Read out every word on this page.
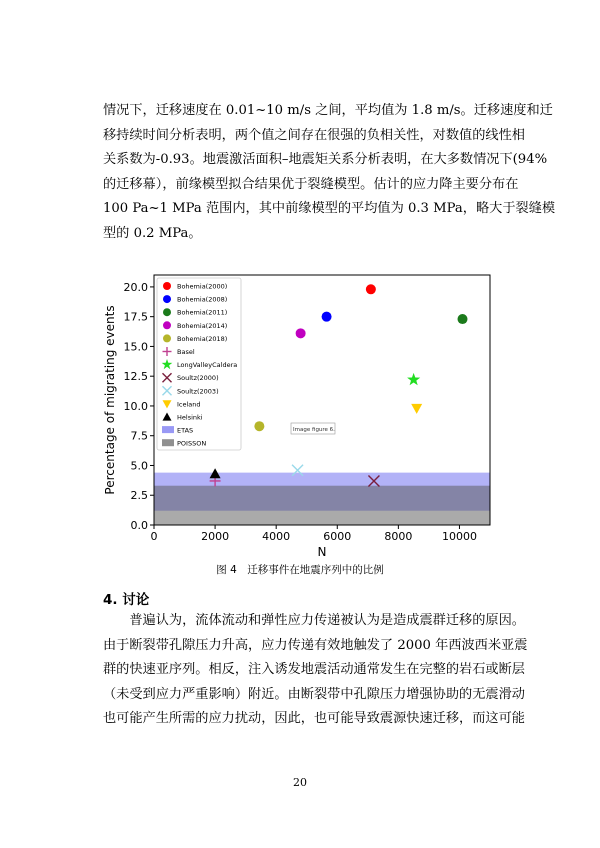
情况下，迁移速度在 0.01~10 m/s 之间，平均值为 1.8 m/s。迁移速度和迁
移持续时间分析表明，两个值之间存在很强的负相关性，对数值的线性相
关系数为-0.93。地震激活面积–地震矩关系分析表明，在大多数情况下(94%
的迁移幕），前缘模型拟合结果优于裂缝模型。估计的应力降主要分布在
100 Pa~1 MPa 范围内，其中前缘模型的平均值为 0.3 MPa，略大于裂缝模
型的 0.2 MPa。
0	2000	4000	6000	8000	10000
0.0
2.5
5.0
7.5
10.0
12.5
15.0
17.5
20.0
N
Percentage of migrating events
Bohemia(2000)
Bohemia(2008)
Bohemia(2011)
Bohemia(2014)
Bohemia(2018)
Basel
LongValleyCaldera
Soultz(2000)
Soultz(2003)
Iceland
Helsinki
ETAS
POISSON
Image figure 6.
图 4　迁移事件在地震序列中的比例
4. 讨论
　　普遍认为，流体流动和弹性应力传递被认为是造成震群迁移的原因。
由于断裂带孔隙压力升高，应力传递有效地触发了 2000 年西波西米亚震
群的快速亚序列。相反，注入诱发地震活动通常发生在完整的岩石或断层
（未受到应力严重影响）附近。由断裂带中孔隙压力增强协助的无震滑动
也可能产生所需的应力扰动，因此，也可能导致震源快速迁移，而这可能
20
